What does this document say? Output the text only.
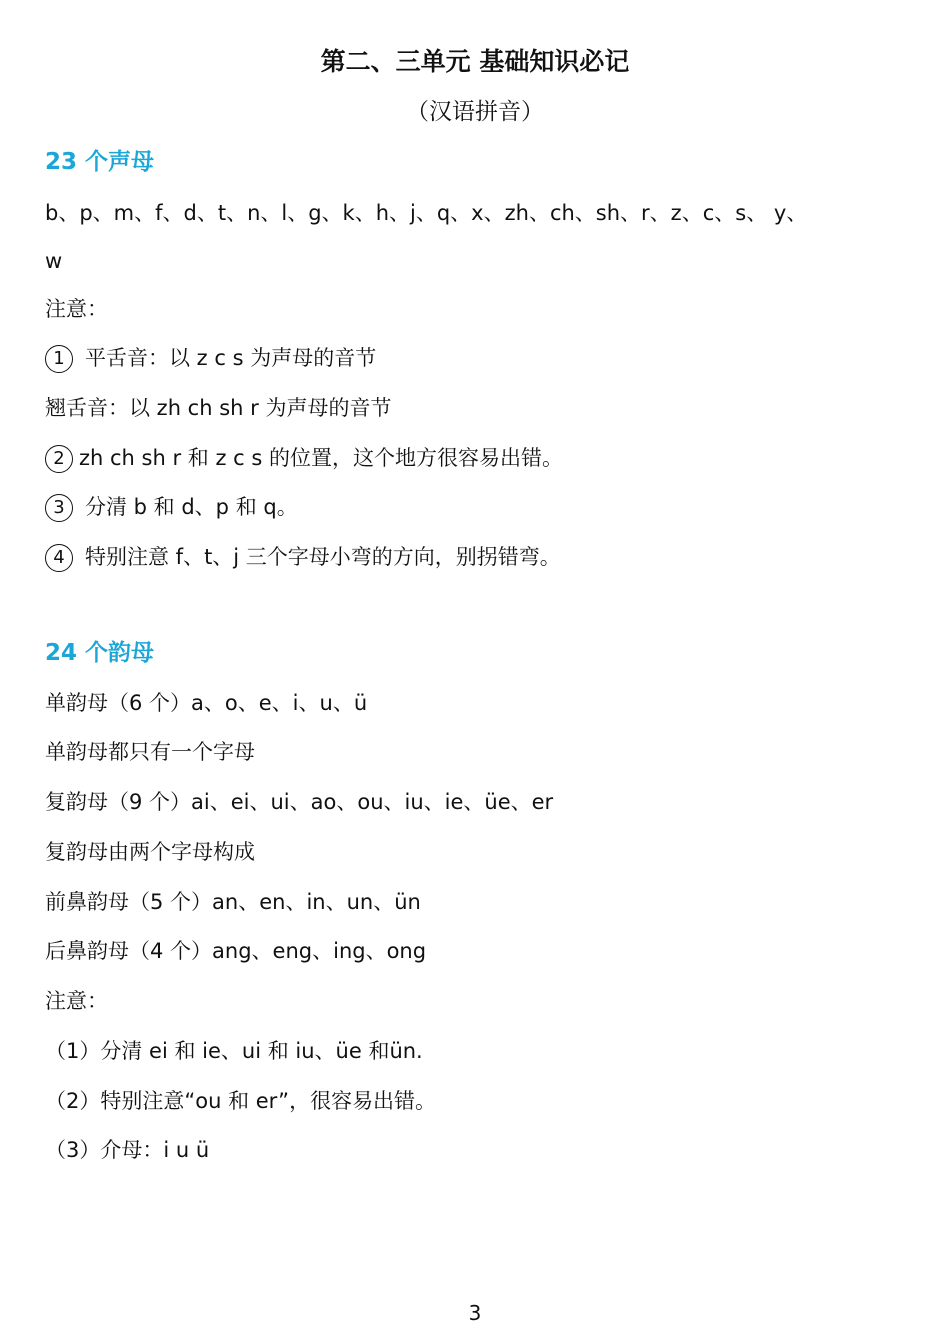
第二、三单元 基础知识必记
（汉语拼音）
23 个声母
b、p、m、f、d、t、n、l、g、k、h、j、q、x、zh、ch、sh、r、z、c、s、 y、
w
注意：
1 平舌音：以 z c s 为声母的音节
翘舌音：以 zh ch sh r 为声母的音节
2 zh ch sh r 和 z c s 的位置，这个地方很容易出错。
3 分清 b 和 d、p 和 q。
4 特别注意 f、t、j 三个字母小弯的方向，别拐错弯。
24 个韵母
单韵母（6 个）a、o、e、i、u、ü
单韵母都只有一个字母
复韵母（9 个）ai、ei、ui、ao、ou、iu、ie、üe、er
复韵母由两个字母构成
前鼻韵母（5 个）an、en、in、un、ün
后鼻韵母（4 个）ang、eng、ing、ong
注意：
（1）分清 ei 和 ie、ui 和 iu、üe 和ün.
（2）特别注意“ou 和 er”，很容易出错。
（3）介母：i u ü
3
